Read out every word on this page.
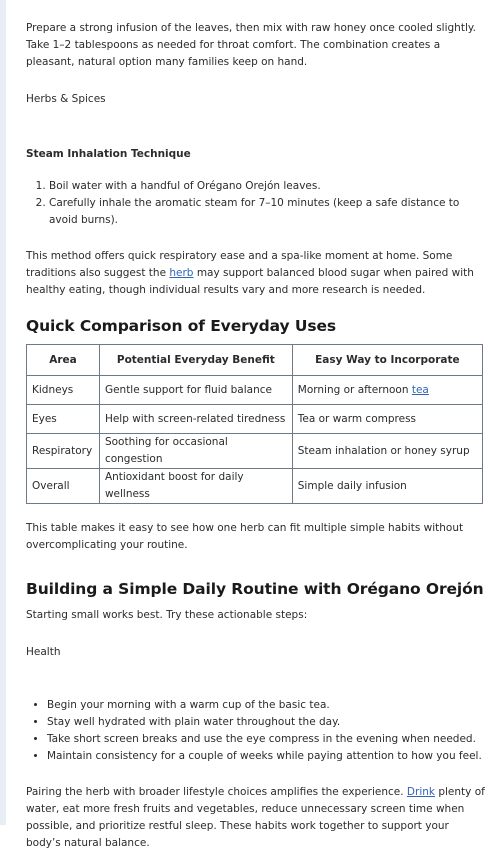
Prepare a strong infusion of the leaves, then mix with raw honey once cooled slightly. Take 1–2 tablespoons as needed for throat comfort. The combination creates a pleasant, natural option many families keep on hand.

Herbs & Spices

Steam Inhalation Technique

1. Boil water with a handful of Orégano Orejón leaves.
2. Carefully inhale the aromatic steam for 7–10 minutes (keep a safe distance to avoid burns).

This method offers quick respiratory ease and a spa-like moment at home. Some traditions also suggest the herb may support balanced blood sugar when paired with healthy eating, though individual results vary and more research is needed.

Quick Comparison of Everyday Uses
Area	Potential Everyday Benefit	Easy Way to Incorporate
Kidneys	Gentle support for fluid balance	Morning or afternoon tea
Eyes	Help with screen-related tiredness	Tea or warm compress
Respiratory	Soothing for occasional congestion	Steam inhalation or honey syrup
Overall	Antioxidant boost for daily wellness	Simple daily infusion

This table makes it easy to see how one herb can fit multiple simple habits without overcomplicating your routine.

Building a Simple Daily Routine with Orégano Orejón

Starting small works best. Try these actionable steps:

Health

• Begin your morning with a warm cup of the basic tea.
• Stay well hydrated with plain water throughout the day.
• Take short screen breaks and use the eye compress in the evening when needed.
• Maintain consistency for a couple of weeks while paying attention to how you feel.

Pairing the herb with broader lifestyle choices amplifies the experience. Drink plenty of water, eat more fresh fruits and vegetables, reduce unnecessary screen time when possible, and prioritize restful sleep. These habits work together to support your body’s natural balance.
